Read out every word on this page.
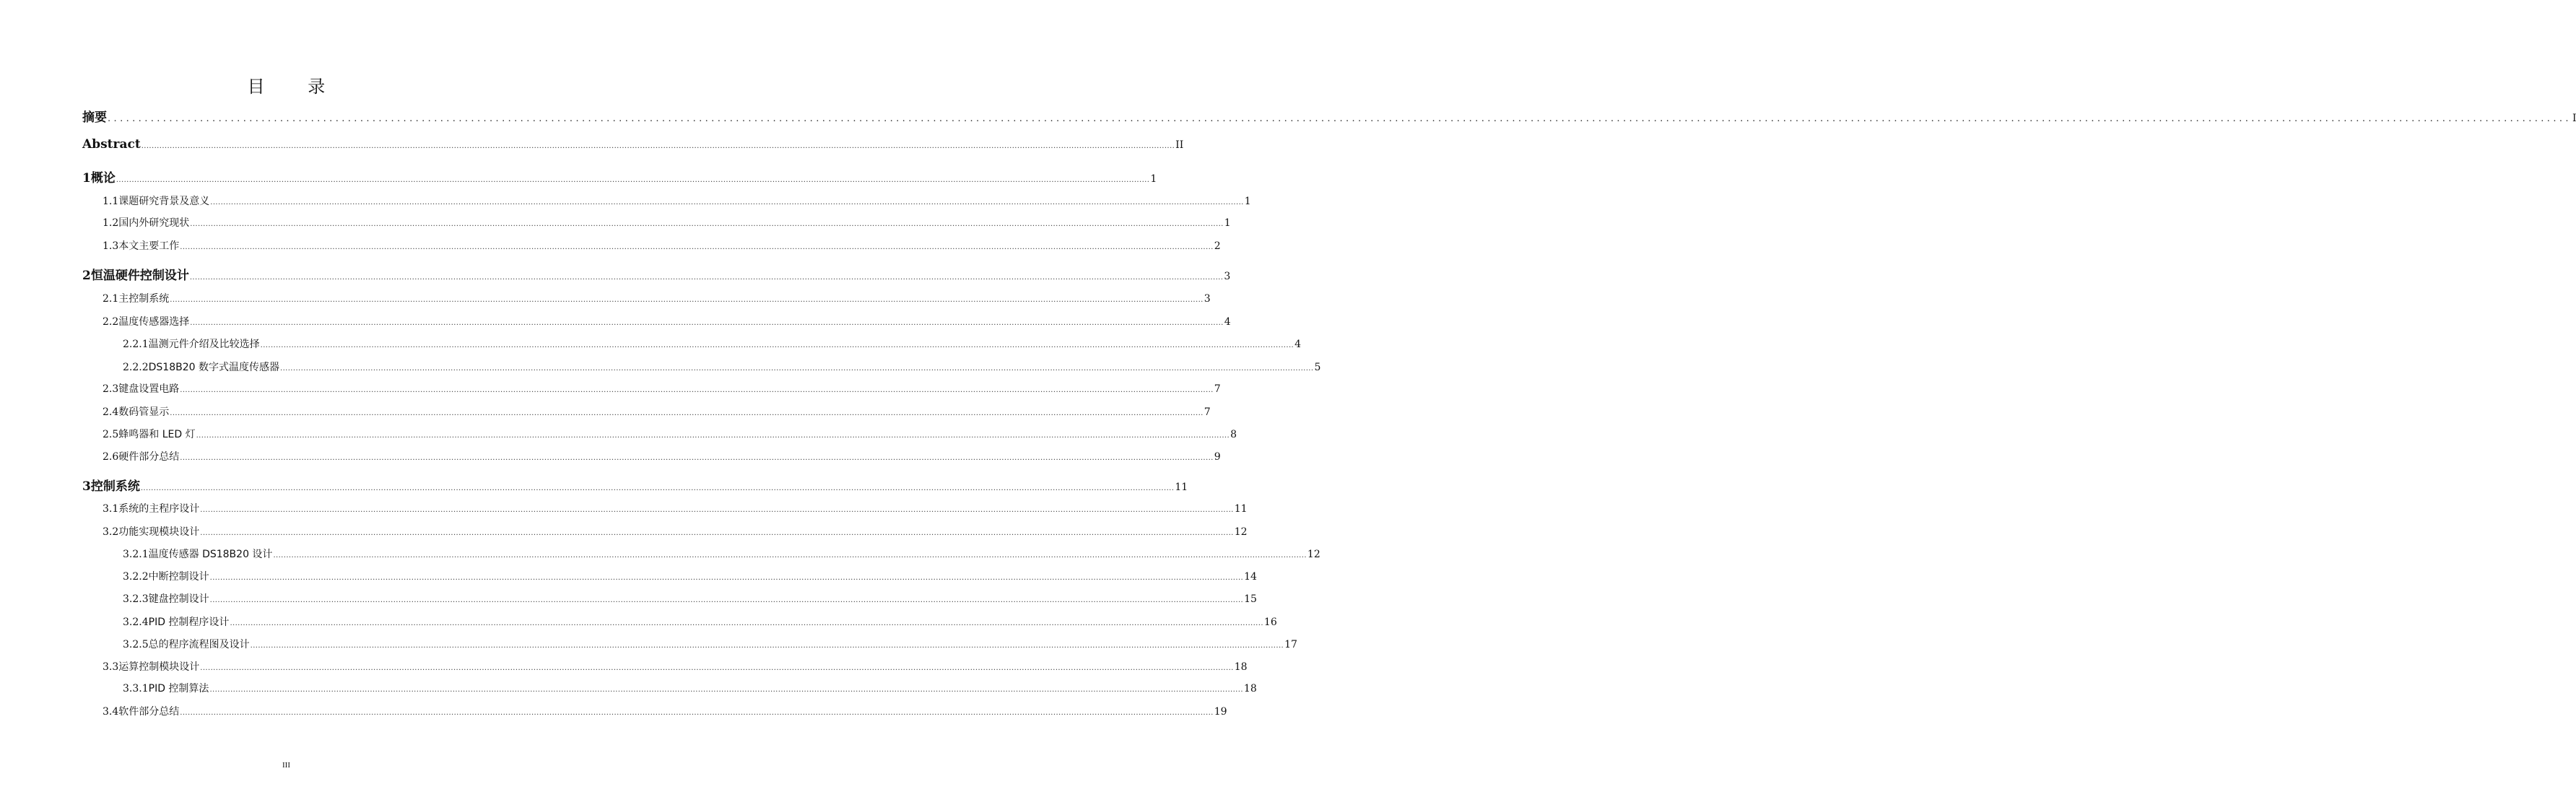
目 录
摘 要 ................................................................................................................................................................................................................................................................................................................................................................................................................ I
Abstract ................................................................................................................................................................................................................................................................................................................................................................................................................ II
1 概论 ................................................................................................................................................................................................................................................................................................................................................................................................................ 1
1.1 课题研究背景及意义 ................................................................................................................................................................................................................................................................................................................................................................................................................ 1
1.2 国内外研究现状 ................................................................................................................................................................................................................................................................................................................................................................................................................ 1
1.3 本文主要工作 ................................................................................................................................................................................................................................................................................................................................................................................................................ 2
2 恒温硬件控制设计 ................................................................................................................................................................................................................................................................................................................................................................................................................ 3
2.1 主控制系统 ................................................................................................................................................................................................................................................................................................................................................................................................................ 3
2.2 温度传感器选择 ................................................................................................................................................................................................................................................................................................................................................................................................................ 4
2.2.1 温测元件介绍及比较选择 ................................................................................................................................................................................................................................................................................................................................................................................................................ 4
2.2.2 DS18B20 数字式温度传感器 ................................................................................................................................................................................................................................................................................................................................................................................................................ 5
2.3 键盘设置电路 ................................................................................................................................................................................................................................................................................................................................................................................................................ 7
2.4 数码管显示 ................................................................................................................................................................................................................................................................................................................................................................................................................ 7
2.5 蜂鸣器和 LED 灯 ................................................................................................................................................................................................................................................................................................................................................................................................................ 8
2.6 硬件部分总结 ................................................................................................................................................................................................................................................................................................................................................................................................................ 9
3 控制系统 ................................................................................................................................................................................................................................................................................................................................................................................................................ 11
3.1 系统的主程序设计 ................................................................................................................................................................................................................................................................................................................................................................................................................ 11
3.2 功能实现模块设计 ................................................................................................................................................................................................................................................................................................................................................................................................................ 12
3.2.1 温度传感器 DS18B20 设计 ................................................................................................................................................................................................................................................................................................................................................................................................................ 12
3.2.2 中断控制设计 ................................................................................................................................................................................................................................................................................................................................................................................................................ 14
3.2.3 键盘控制设计 ................................................................................................................................................................................................................................................................................................................................................................................................................ 15
3.2.4 PID 控制程序设计 ................................................................................................................................................................................................................................................................................................................................................................................................................ 16
3.2.5 总的程序流程图及设计 ................................................................................................................................................................................................................................................................................................................................................................................................................ 17
3.3 运算控制模块设计 ................................................................................................................................................................................................................................................................................................................................................................................................................ 18
3.3.1 PID 控制算法 ................................................................................................................................................................................................................................................................................................................................................................................................................ 18
3.4 软件部分总结 ................................................................................................................................................................................................................................................................................................................................................................................................................ 19
III
